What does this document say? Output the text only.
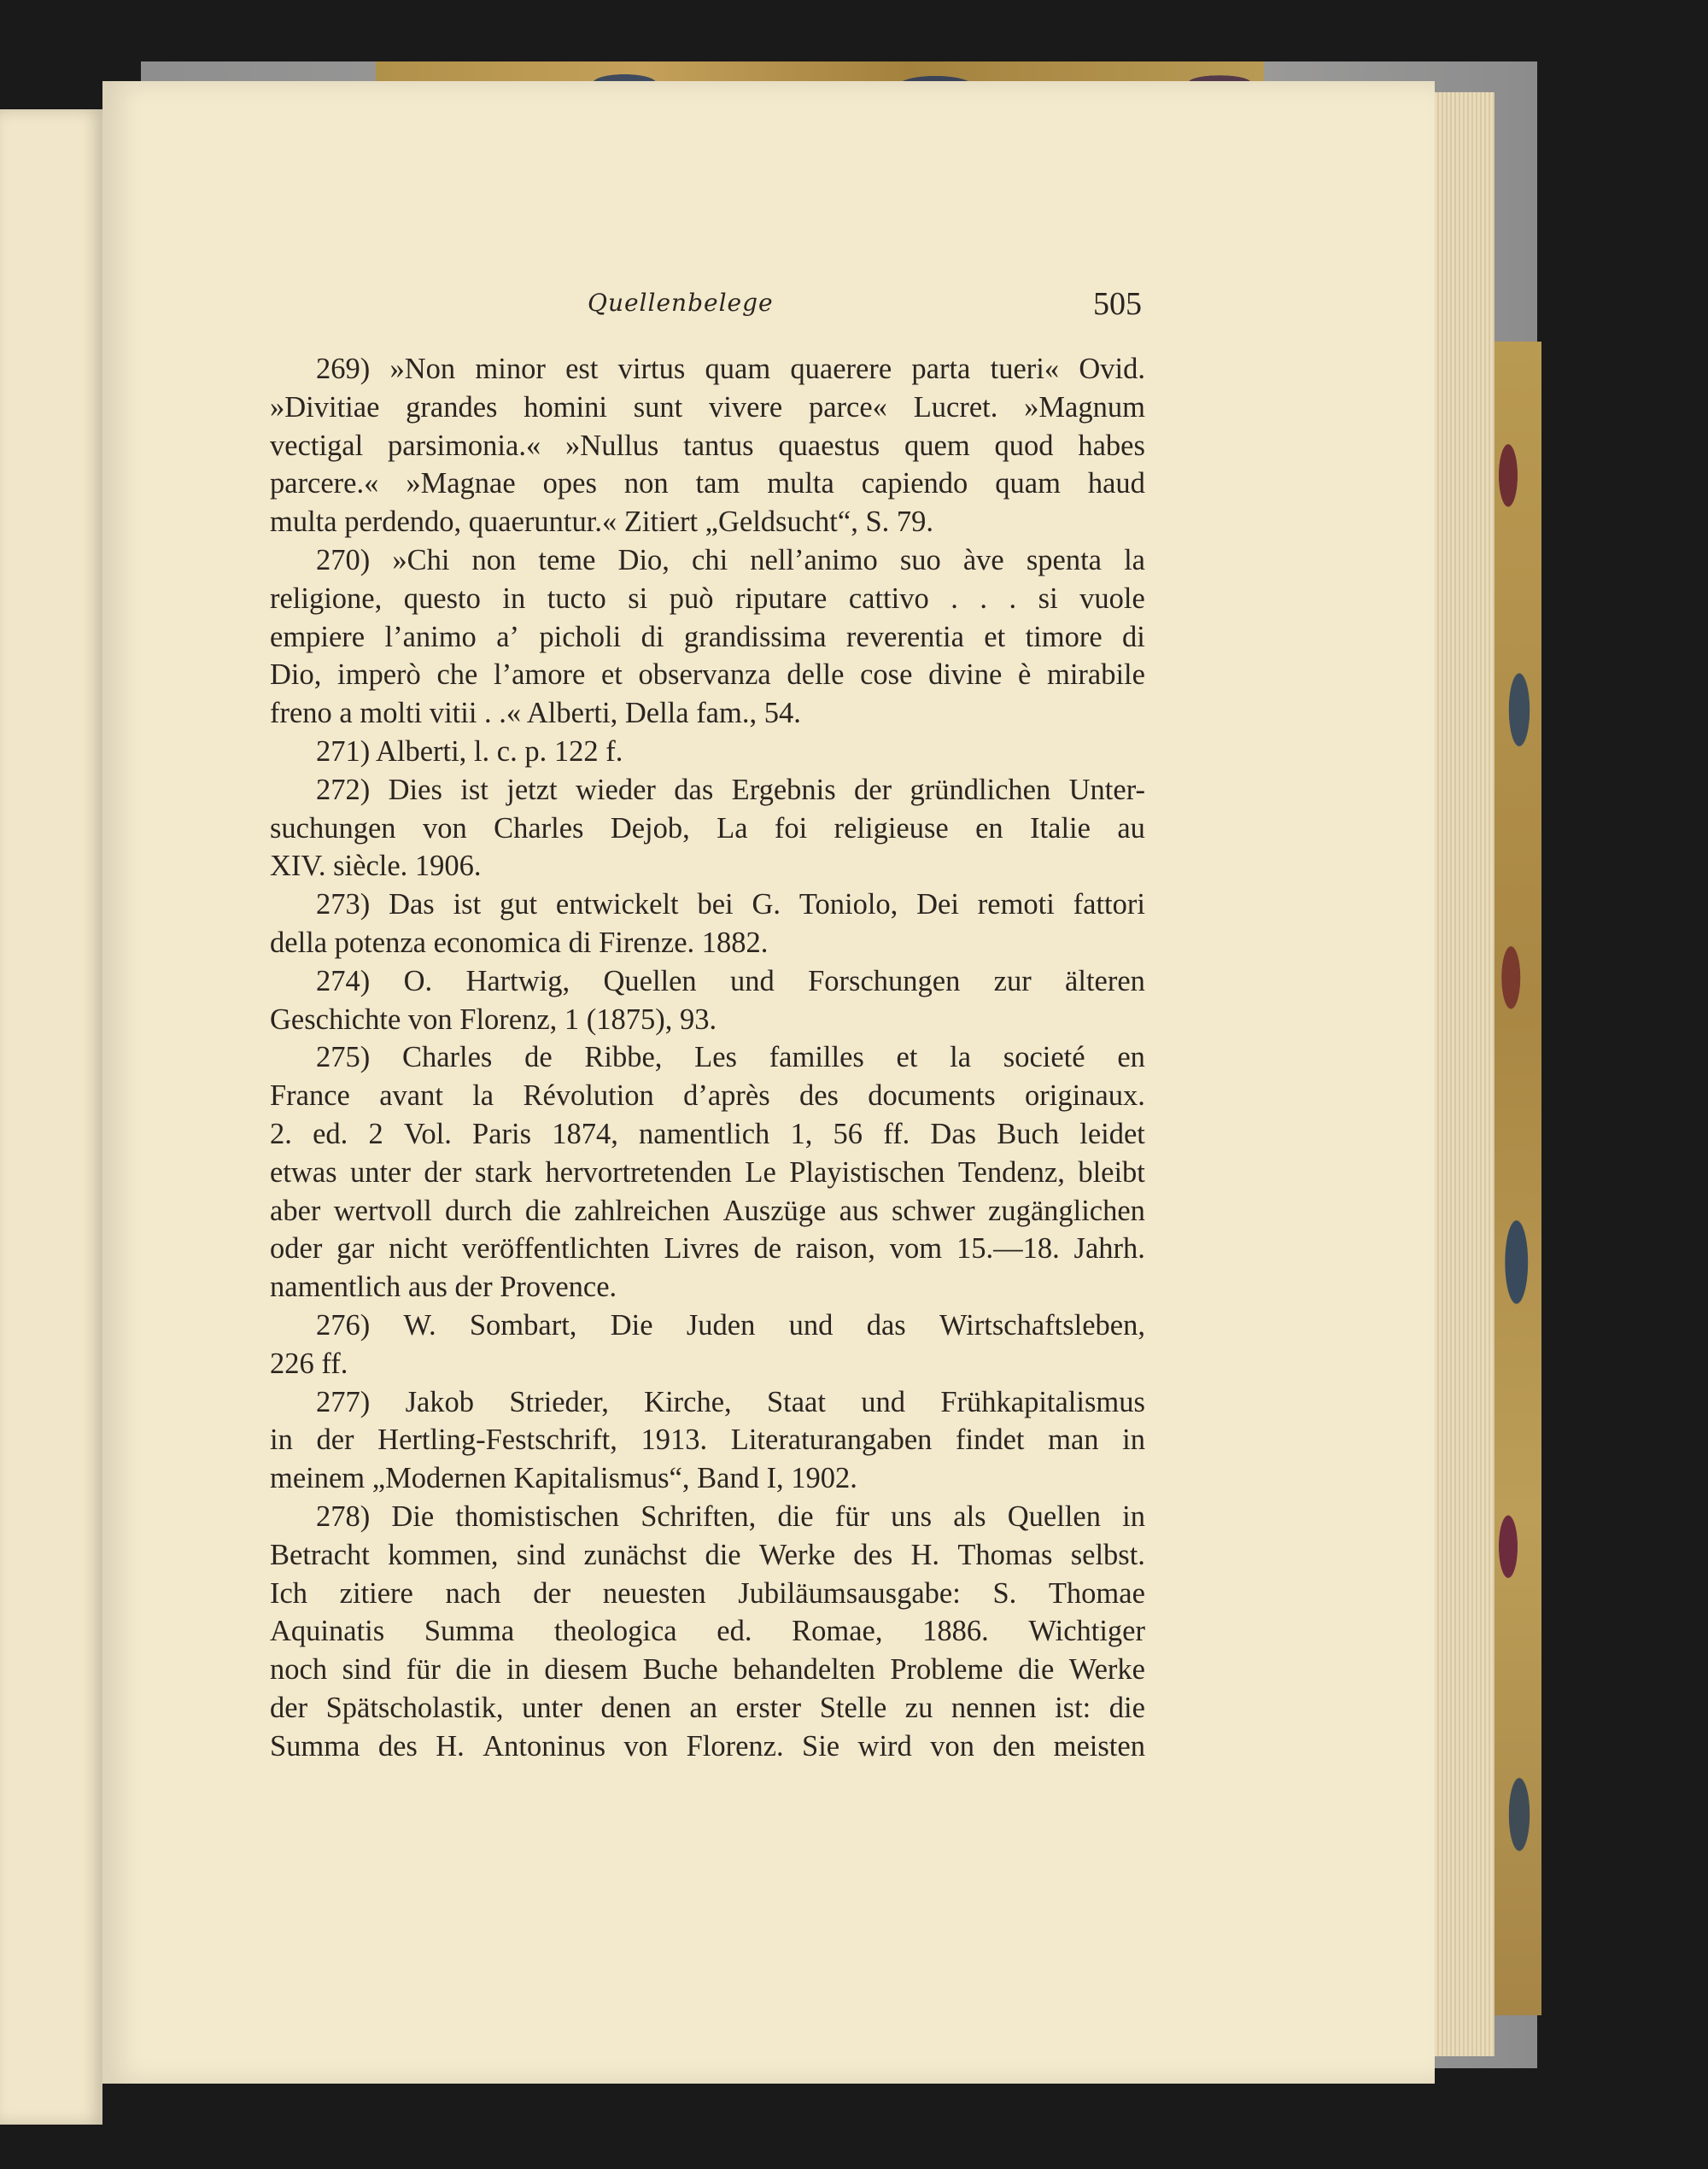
Quellenbelege	505
269) »Non minor est virtus quam quaerere parta tueri« Ovid.
»Divitiae grandes homini sunt vivere parce« Lucret. »Magnum
vectigal parsimonia.« »Nullus tantus quaestus quem quod habes
parcere.« »Magnae opes non tam multa capiendo quam haud
multa perdendo, quaeruntur.« Zitiert „Geldsucht“, S. 79.
270) »Chi non teme Dio, chi nell’animo suo àve spenta la
religione, questo in tucto si può riputare cattivo . . . si vuole
empiere l’animo a’ picholi di grandissima reverentia et timore di
Dio, imperò che l’amore et observanza delle cose divine è mirabile
freno a molti vitii . .« Alberti, Della fam., 54.
271) Alberti, l. c. p. 122 f.
272) Dies ist jetzt wieder das Ergebnis der gründlichen Unter-
suchungen von Charles Dejob, La foi religieuse en Italie au
XIV. siècle. 1906.
273) Das ist gut entwickelt bei G. Toniolo, Dei remoti fattori
della potenza economica di Firenze. 1882.
274) O. Hartwig, Quellen und Forschungen zur älteren
Geschichte von Florenz, 1 (1875), 93.
275) Charles de Ribbe, Les familles et la societé en
France avant la Révolution d’après des documents originaux.
2. ed. 2 Vol. Paris 1874, namentlich 1, 56 ff. Das Buch leidet
etwas unter der stark hervortretenden Le Playistischen Tendenz, bleibt
aber wertvoll durch die zahlreichen Auszüge aus schwer zugänglichen
oder gar nicht veröffentlichten Livres de raison, vom 15.—18. Jahrh.
namentlich aus der Provence.
276) W. Sombart, Die Juden und das Wirtschaftsleben,
226 ff.
277) Jakob Strieder, Kirche, Staat und Frühkapitalismus
in der Hertling-Festschrift, 1913. Literaturangaben findet man in
meinem „Modernen Kapitalismus“, Band I, 1902.
278) Die thomistischen Schriften, die für uns als Quellen in
Betracht kommen, sind zunächst die Werke des H. Thomas selbst.
Ich zitiere nach der neuesten Jubiläumsausgabe: S. Thomae
Aquinatis Summa theologica ed. Romae, 1886. Wichtiger
noch sind für die in diesem Buche behandelten Probleme die Werke
der Spätscholastik, unter denen an erster Stelle zu nennen ist: die
Summa des H. Antoninus von Florenz. Sie wird von den meisten
